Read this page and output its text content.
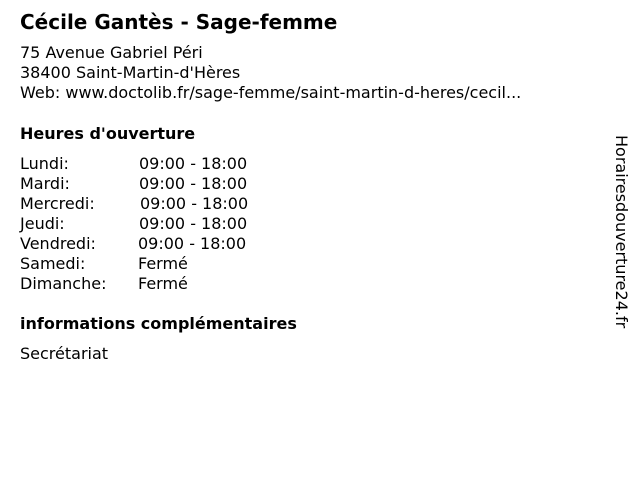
Cécile Gantès - Sage-femme
75 Avenue Gabriel Péri
38400 Saint-Martin-d'Hères
Web: www.doctolib.fr/sage-femme/saint-martin-d-heres/cecil...
Heures d'ouverture
Lundi:	09:00 - 18:00
Mardi:	09:00 - 18:00
Mercredi:	09:00 - 18:00
Jeudi:	09:00 - 18:00
Vendredi:	09:00 - 18:00
Samedi:	Fermé
Dimanche: Fermé
informations complémentaires
Secrétariat
Horairesdouverture24.fr
